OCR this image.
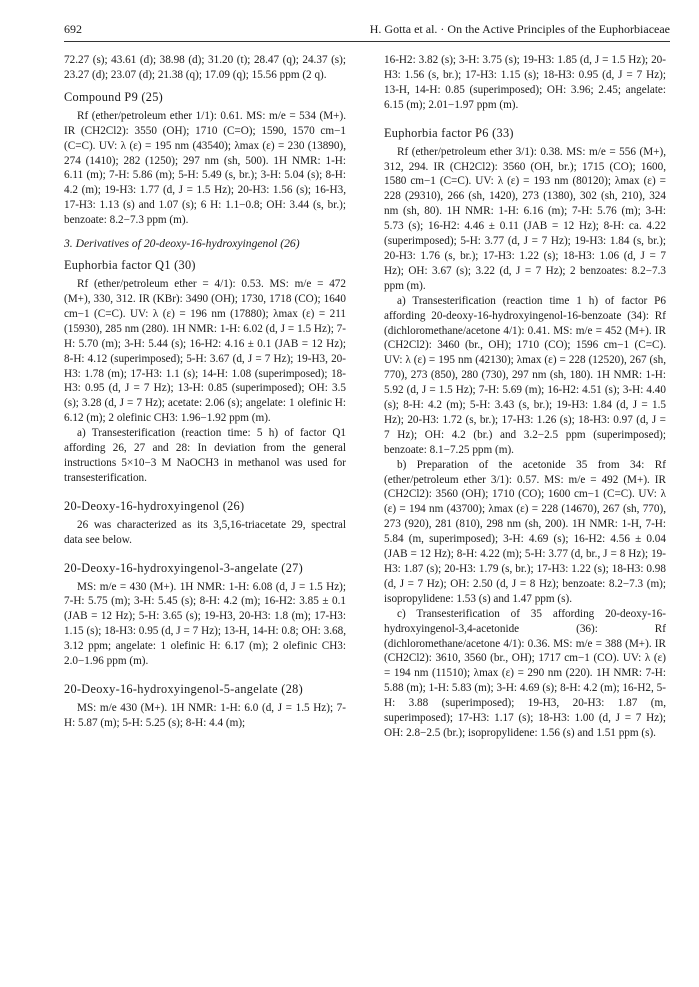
692	H. Gotta et al. · On the Active Principles of the Euphorbiaceae

72.27 (s); 43.61 (d); 38.98 (d); 31.20 (t); 28.47 (q); 24.37 (s); 23.27 (d); 23.07 (d); 21.38 (q); 17.09 (q); 15.56 ppm (2 q).

Compound P9 (25)

Rf (ether/petroleum ether 1/1): 0.61. MS: m/e = 534 (M+). IR (CH2Cl2): 3550 (OH); 1710 (C=O); 1590, 1570 cm−1 (C=C). UV: λ (ε) = 195 nm (43540); λmax (ε) = 230 (13890), 274 (1410); 282 (1250); 297 nm (sh, 500). 1H NMR: 1-H: 6.11 (m); 7-H: 5.86 (m); 5-H: 5.49 (s, br.); 3-H: 5.04 (s); 8-H: 4.2 (m); 19-H3: 1.77 (d, J = 1.5 Hz); 20-H3: 1.56 (s); 16-H3, 17-H3: 1.13 (s) and 1.07 (s); 6 H: 1.1−0.8; OH: 3.44 (s, br.); benzoate: 8.2−7.3 ppm (m).

3. Derivatives of 20-deoxy-16-hydroxyingenol (26)
Euphorbia factor Q1 (30)

Rf (ether/petroleum ether = 4/1): 0.53. MS: m/e = 472 (M+), 330, 312. IR (KBr): 3490 (OH); 1730, 1718 (CO); 1640 cm−1 (C=C). UV: λ (ε) = 196 nm (17880); λmax (ε) = 211 (15930), 285 nm (280). 1H NMR: 1-H: 6.02 (d, J = 1.5 Hz); 7-H: 5.70 (m); 3-H: 5.44 (s); 16-H2: 4.16 ± 0.1 (JAB = 12 Hz); 8-H: 4.12 (superimposed); 5-H: 3.67 (d, J = 7 Hz); 19-H3, 20-H3: 1.78 (m); 17-H3: 1.1 (s); 14-H: 1.08 (superimposed); 18-H3: 0.95 (d, J = 7 Hz); 13-H: 0.85 (superimposed); OH: 3.5 (s); 3.28 (d, J = 7 Hz); acetate: 2.06 (s); angelate: 1 olefinic H: 6.12 (m); 2 olefinic CH3: 1.96−1.92 ppm (m).

a) Transesterification (reaction time: 5 h) of factor Q1 affording 26, 27 and 28: In deviation from the general instructions 5×10−3 M NaOCH3 in methanol was used for transesterification.

20-Deoxy-16-hydroxyingenol (26)

26 was characterized as its 3,5,16-triacetate 29, spectral data see below.

20-Deoxy-16-hydroxyingenol-3-angelate (27)

MS: m/e = 430 (M+). 1H NMR: 1-H: 6.08 (d, J = 1.5 Hz); 7-H: 5.75 (m); 3-H: 5.45 (s); 8-H: 4.2 (m); 16-H2: 3.85 ± 0.1 (JAB = 12 Hz); 5-H: 3.65 (s); 19-H3, 20-H3: 1.8 (m); 17-H3: 1.15 (s); 18-H3: 0.95 (d, J = 7 Hz); 13-H, 14-H: 0.8; OH: 3.68, 3.12 ppm; angelate: 1 olefinic H: 6.17 (m); 2 olefinic CH3: 2.0−1.96 ppm (m).

20-Deoxy-16-hydroxyingenol-5-angelate (28)

MS: m/e 430 (M+). 1H NMR: 1-H: 6.0 (d, J = 1.5 Hz); 7-H: 5.87 (m); 5-H: 5.25 (s); 8-H: 4.4 (m);

16-H2: 3.82 (s); 3-H: 3.75 (s); 19-H3: 1.85 (d, J = 1.5 Hz); 20-H3: 1.56 (s, br.); 17-H3: 1.15 (s); 18-H3: 0.95 (d, J = 7 Hz); 13-H, 14-H: 0.85 (superimposed); OH: 3.96; 2.45; angelate: 6.15 (m); 2.01−1.97 ppm (m).

Euphorbia factor P6 (33)

Rf (ether/petroleum ether 3/1): 0.38. MS: m/e = 556 (M+), 312, 294. IR (CH2Cl2): 3560 (OH, br.); 1715 (CO); 1600, 1580 cm−1 (C=C). UV: λ (ε) = 193 nm (80120); λmax (ε) = 228 (29310), 266 (sh, 1420), 273 (1380), 302 (sh, 210), 324 nm (sh, 80). 1H NMR: 1-H: 6.16 (m); 7-H: 5.76 (m); 3-H: 5.73 (s); 16-H2: 4.46 ± 0.11 (JAB = 12 Hz); 8-H: ca. 4.22 (superimposed); 5-H: 3.77 (d, J = 7 Hz); 19-H3: 1.84 (s, br.); 20-H3: 1.76 (s, br.); 17-H3: 1.22 (s); 18-H3: 1.06 (d, J = 7 Hz); OH: 3.67 (s); 3.22 (d, J = 7 Hz); 2 benzoates: 8.2−7.3 ppm (m).

a) Transesterification (reaction time 1 h) of factor P6 affording 20-deoxy-16-hydroxyingenol-16-benzoate (34): Rf (dichloromethane/acetone 4/1): 0.41. MS: m/e = 452 (M+). IR (CH2Cl2): 3460 (br., OH); 1710 (CO); 1596 cm−1 (C=C). UV: λ (ε) = 195 nm (42130); λmax (ε) = 228 (12520), 267 (sh, 770), 273 (850), 280 (730), 297 nm (sh, 180). 1H NMR: 1-H: 5.92 (d, J = 1.5 Hz); 7-H: 5.69 (m); 16-H2: 4.51 (s); 3-H: 4.40 (s); 8-H: 4.2 (m); 5-H: 3.43 (s, br.); 19-H3: 1.84 (d, J = 1.5 Hz); 20-H3: 1.72 (s, br.); 17-H3: 1.26 (s); 18-H3: 0.97 (d, J = 7 Hz); OH: 4.2 (br.) and 3.2−2.5 ppm (superimposed); benzoate: 8.1−7.25 ppm (m).

b) Preparation of the acetonide 35 from 34: Rf (ether/petroleum ether 3/1): 0.57. MS: m/e = 492 (M+). IR (CH2Cl2): 3560 (OH); 1710 (CO); 1600 cm−1 (C=C). UV: λ (ε) = 194 nm (43700); λmax (ε) = 228 (14670), 267 (sh, 770), 273 (920), 281 (810), 298 nm (sh, 200). 1H NMR: 1-H, 7-H: 5.84 (m, superimposed); 3-H: 4.69 (s); 16-H2: 4.56 ± 0.04 (JAB = 12 Hz); 8-H: 4.22 (m); 5-H: 3.77 (d, br., J = 8 Hz); 19-H3: 1.87 (s); 20-H3: 1.79 (s, br.); 17-H3: 1.22 (s); 18-H3: 0.98 (d, J = 7 Hz); OH: 2.50 (d, J = 8 Hz); benzoate: 8.2−7.3 (m); isopropylidene: 1.53 (s) and 1.47 ppm (s).

c) Transesterification of 35 affording 20-deoxy-16-hydroxyingenol-3,4-acetonide (36): Rf (dichloromethane/acetone 4/1): 0.36. MS: m/e = 388 (M+). IR (CH2Cl2): 3610, 3560 (br., OH); 1717 cm−1 (CO). UV: λ (ε) = 194 nm (11510); λmax (ε) = 290 nm (220). 1H NMR: 7-H: 5.88 (m); 1-H: 5.83 (m); 3-H: 4.69 (s); 8-H: 4.2 (m); 16-H2, 5-H: 3.88 (superimposed); 19-H3, 20-H3: 1.87 (m, superimposed); 17-H3: 1.17 (s); 18-H3: 1.00 (d, J = 7 Hz); OH: 2.8−2.5 (br.); isopropylidene: 1.56 (s) and 1.51 ppm (s).
